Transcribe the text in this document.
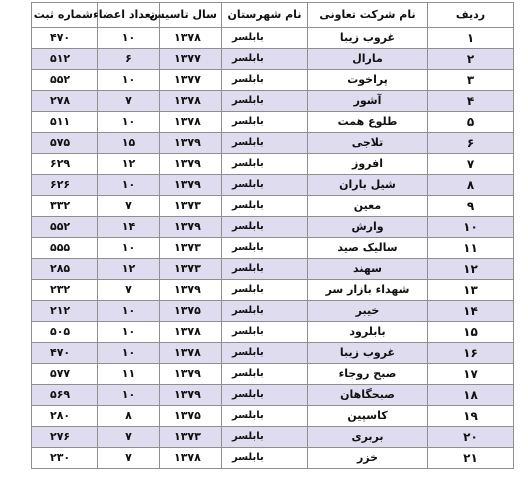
ردیف	نام شرکت تعاونی	نام شهرستان	سال تاسیس	تعداد اعضاء	شماره ثبت
۱	غروب زیبا	بابلسر	۱۳۷۸	۱۰	۴۷۰
۲	مارال	بابلسر	۱۳۷۷	۶	۵۱۲
۳	پراخوت	بابلسر	۱۳۷۷	۱۰	۵۵۲
۴	آشور	بابلسر	۱۳۷۸	۷	۲۷۸
۵	طلوع همت	بابلسر	۱۳۷۸	۱۰	۵۱۱
۶	تلاجی	بابلسر	۱۳۷۹	۱۵	۵۷۵
۷	افروز	بابلسر	۱۳۷۹	۱۲	۶۲۹
۸	شیل باران	بابلسر	۱۳۷۹	۱۰	۶۲۶
۹	معین	بابلسر	۱۳۷۳	۷	۳۳۲
۱۰	وارش	بابلسر	۱۳۷۹	۱۴	۵۵۲
۱۱	سالیک صید	بابلسر	۱۳۷۳	۱۰	۵۵۵
۱۲	سهند	بابلسر	۱۳۷۳	۱۲	۲۸۵
۱۳	شهداء بازار سر	بابلسر	۱۳۷۹	۷	۲۳۲
۱۴	خیبر	بابلسر	۱۳۷۵	۱۰	۲۱۲
۱۵	بابلرود	بابلسر	۱۳۷۸	۱۰	۵۰۵
۱۶	غروب زیبا	بابلسر	۱۳۷۸	۱۰	۴۷۰
۱۷	صبح روجاء	بابلسر	۱۳۷۹	۱۱	۵۷۷
۱۸	صبحگاهان	بابلسر	۱۳۷۹	۱۰	۵۶۹
۱۹	کاسپین	بابلسر	۱۳۷۵	۸	۲۸۰
۲۰	بربری	بابلسر	۱۳۷۳	۷	۲۷۶
۲۱	خزر	بابلسر	۱۳۷۸	۷	۲۳۰
